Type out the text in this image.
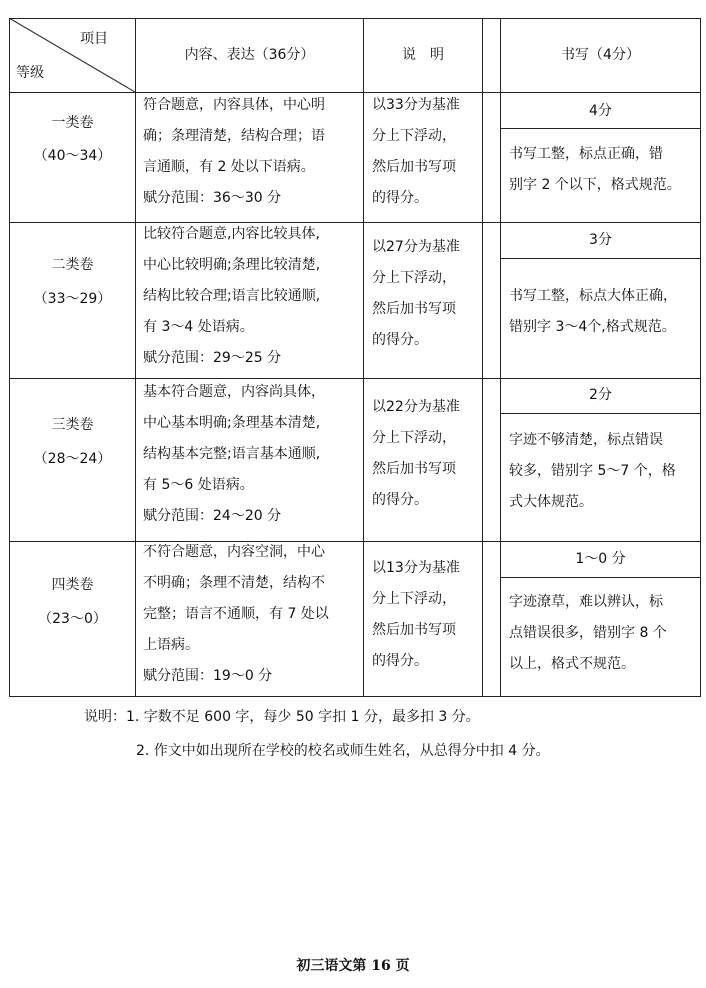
项目
等级
内容、表达（36分）	说　明	书写（4分）
一类卷
（40～34）
符合题意，内容具体，中心明
确；条理清楚，结构合理；语
言通顺，有 2 处以下语病。
赋分范围：36～30 分
以33分为基准
分上下浮动，
然后加书写项
的得分。
4分
书写工整，标点正确，错
别字 2 个以下，格式规范。
二类卷
（33～29）
比较符合题意,内容比较具体,
中心比较明确;条理比较清楚,
结构比较合理;语言比较通顺,
有 3～4 处语病。
赋分范围：29～25 分
以27分为基准
分上下浮动，
然后加书写项
的得分。
3分
书写工整，标点大体正确，
错别字 3～4个,格式规范。
三类卷
（28～24）
基本符合题意，内容尚具体，
中心基本明确;条理基本清楚,
结构基本完整;语言基本通顺,
有 5～6 处语病。
赋分范围：24～20 分
以22分为基准
分上下浮动，
然后加书写项
的得分。
2分
字迹不够清楚，标点错误
较多，错别字 5～7 个，格
式大体规范。
四类卷
（23～0）
不符合题意，内容空洞，中心
不明确；条理不清楚，结构不
完整；语言不通顺，有 7 处以
上语病。
赋分范围：19～0 分
以13分为基准
分上下浮动，
然后加书写项
的得分。
1～0 分
字迹潦草，难以辨认，标
点错误很多，错别字 8 个
以上，格式不规范。
说明：1. 字数不足 600 字，每少 50 字扣 1 分，最多扣 3 分。
2. 作文中如出现所在学校的校名或师生姓名，从总得分中扣 4 分。
初三语文第 16 页
